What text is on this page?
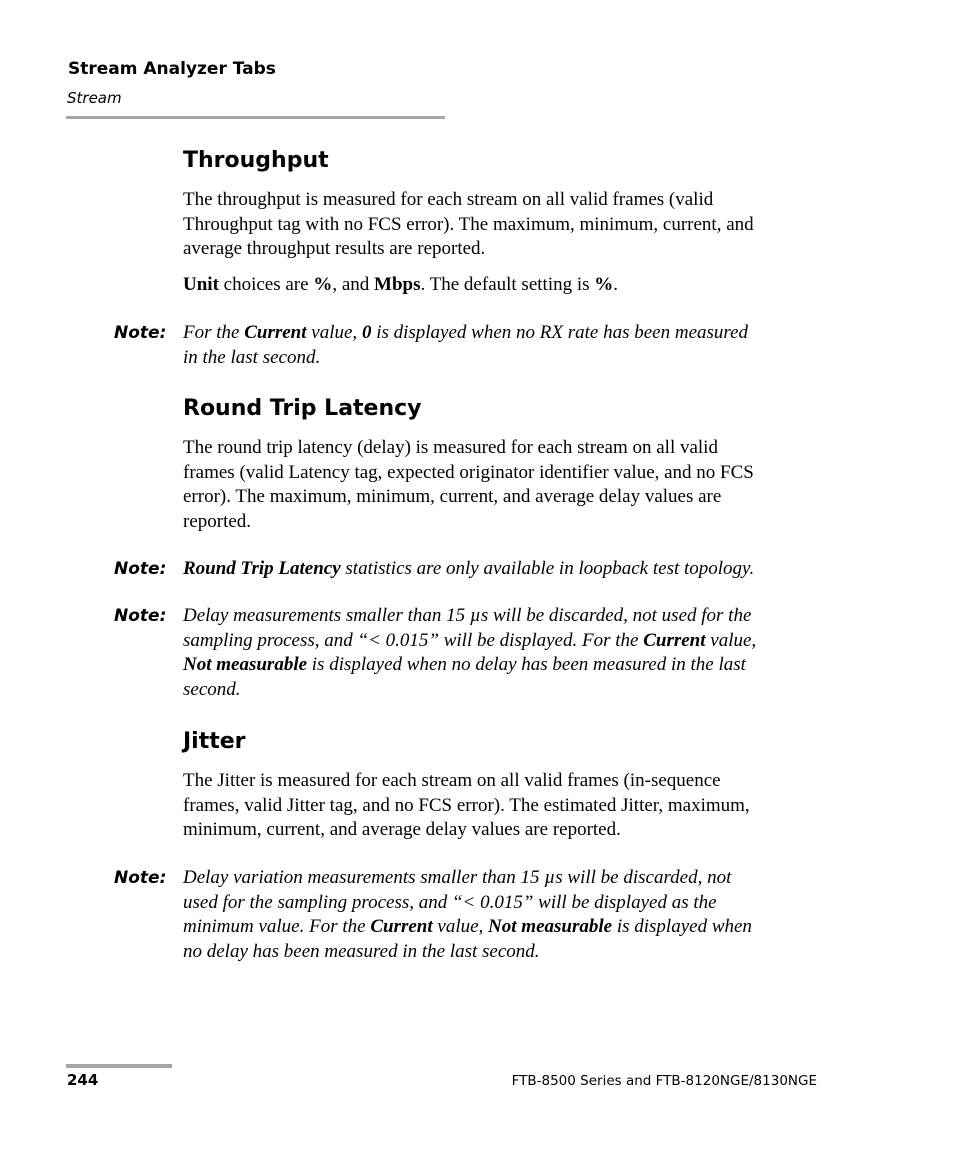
Stream Analyzer Tabs
Stream
Throughput

The throughput is measured for each stream on all valid frames (valid
Throughput tag with no FCS error). The maximum, minimum, current, and
average throughput results are reported.

Unit choices are %, and Mbps. The default setting is %.

Note: For the Current value, 0 is displayed when no RX rate has been measured
in the last second.

Round Trip Latency

The round trip latency (delay) is measured for each stream on all valid
frames (valid Latency tag, expected originator identifier value, and no FCS
error). The maximum, minimum, current, and average delay values are
reported.

Note: Round Trip Latency statistics are only available in loopback test topology.

Note: Delay measurements smaller than 15 µs will be discarded, not used for the
sampling process, and “< 0.015” will be displayed. For the Current value,
Not measurable is displayed when no delay has been measured in the last
second.

Jitter

The Jitter is measured for each stream on all valid frames (in-sequence
frames, valid Jitter tag, and no FCS error). The estimated Jitter, maximum,
minimum, current, and average delay values are reported.

Note: Delay variation measurements smaller than 15 µs will be discarded, not
used for the sampling process, and “< 0.015” will be displayed as the
minimum value. For the Current value, Not measurable is displayed when
no delay has been measured in the last second.

244	FTB-8500 Series and FTB-8120NGE/8130NGE
